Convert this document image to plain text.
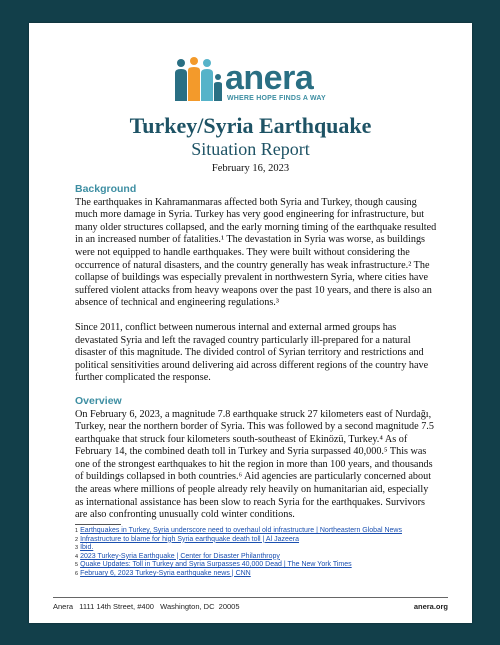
anera
WHERE HOPE FINDS A WAY
Turkey/Syria Earthquake
Situation Report
February 16, 2023
Background

The earthquakes in Kahramanmaras affected both Syria and Turkey, though causing much more damage in Syria. Turkey has very good engineering for infrastructure, but many older structures collapsed, and the early morning timing of the earthquake resulted in an increased number of fatalities.¹ The devastation in Syria was worse, as buildings were not equipped to handle earthquakes. They were built without considering the occurrence of natural disasters, and the country generally has weak infrastructure.² The collapse of buildings was especially prevalent in northwestern Syria, where cities have suffered violent attacks from heavy weapons over the past 10 years, and there is also an absence of technical and engineering regulations.³

Since 2011, conflict between numerous internal and external armed groups has devastated Syria and left the ravaged country particularly ill-prepared for a natural disaster of this magnitude. The divided control of Syrian territory and restrictions and political sensitivities around delivering aid across different regions of the country have further complicated the response.

Overview

On February 6, 2023, a magnitude 7.8 earthquake struck 27 kilometers east of Nurdağı, Turkey, near the northern border of Syria. This was followed by a second magnitude 7.5 earthquake that struck four kilometers south-southeast of Ekinözü, Turkey.⁴ As of February 14, the combined death toll in Turkey and Syria surpassed 40,000.⁵ This was one of the strongest earthquakes to hit the region in more than 100 years, and thousands of buildings collapsed in both countries.⁶ Aid agencies are particularly concerned about the areas where millions of people already rely heavily on humanitarian aid, especially as international assistance has been slow to reach Syria for the earthquakes. Survivors are also confronting unusually cold winter conditions.

$^1$ Earthquakes in Turkey, Syria underscore need to overhaul old infrastructure | Northeastern Global News
$^2$ Infrastructure to blame for high Syria earthquake death toll | Al Jazeera
$^3$ Ibid.
$^4$ 2023 Turkey-Syria Earthquake | Center for Disaster Philanthropy
$^5$ Quake Updates: Toll in Turkey and Syria Surpasses 40,000 Dead | The New York Times
$^6$ February 6, 2023 Turkey-Syria earthquake news | CNN
Anera   1111 14th Street, #400   Washington, DC  20005	anera.org
